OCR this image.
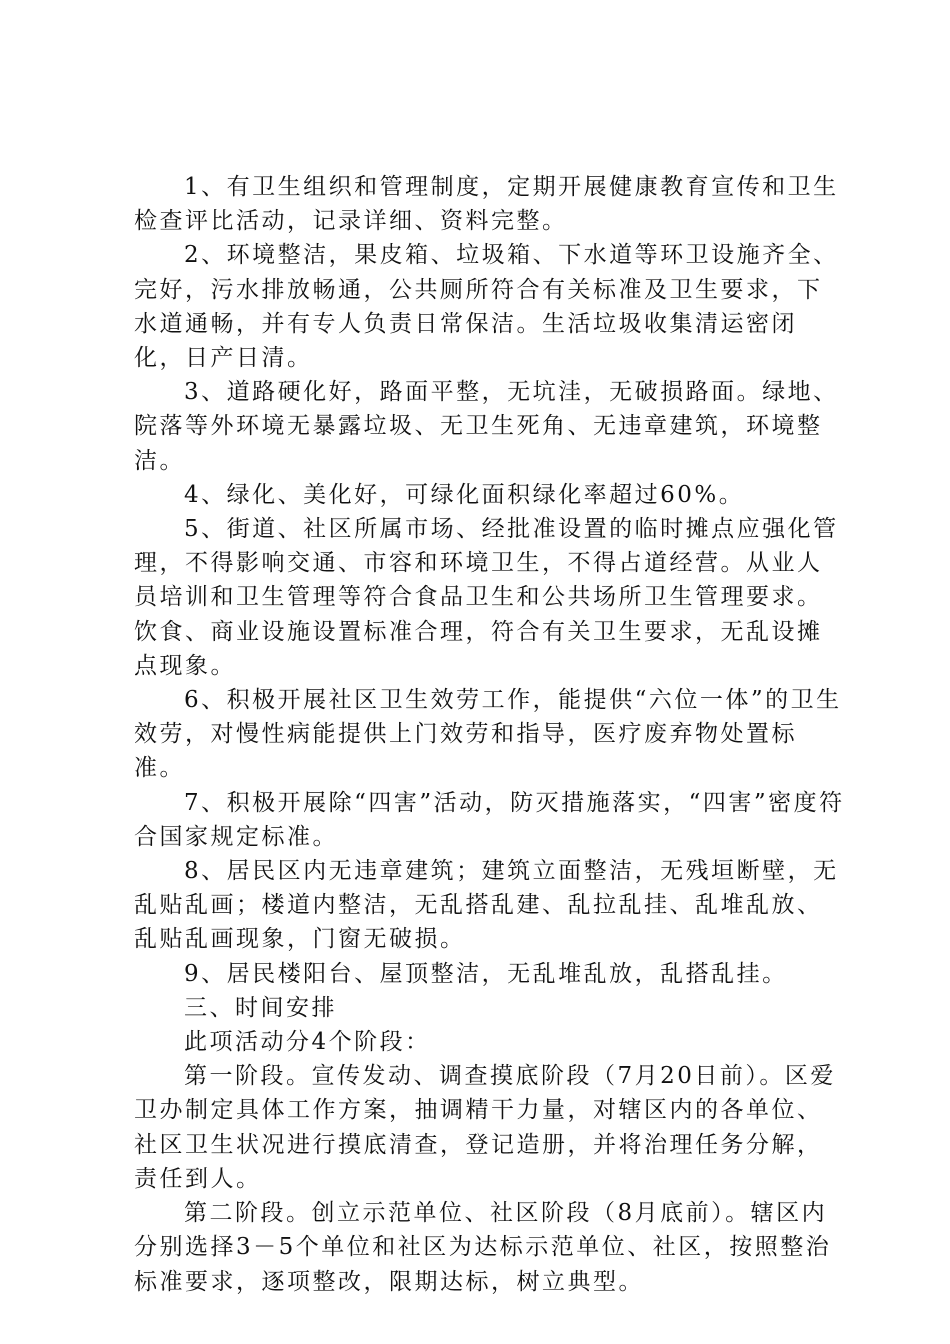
1、有卫生组织和管理制度，定期开展健康教育宣传和卫生检查评比活动，记录详细、资料完整。

2、环境整洁，果皮箱、垃圾箱、下水道等环卫设施齐全、完好，污水排放畅通，公共厕所符合有关标准及卫生要求，下水道通畅，并有专人负责日常保洁。生活垃圾收集清运密闭化，日产日清。

3、道路硬化好，路面平整，无坑洼，无破损路面。绿地、院落等外环境无暴露垃圾、无卫生死角、无违章建筑，环境整洁。

4、绿化、美化好，可绿化面积绿化率超过60%。

5、街道、社区所属市场、经批准设置的临时摊点应强化管理，不得影响交通、市容和环境卫生，不得占道经营。从业人员培训和卫生管理等符合食品卫生和公共场所卫生管理要求。饮食、商业设施设置标准合理，符合有关卫生要求，无乱设摊点现象。

6、积极开展社区卫生效劳工作，能提供“六位一体”的卫生效劳，对慢性病能提供上门效劳和指导，医疗废弃物处置标准。

7、积极开展除“四害”活动，防灭措施落实，“四害”密度符合国家规定标准。

8、居民区内无违章建筑；建筑立面整洁，无残垣断壁，无乱贴乱画；楼道内整洁，无乱搭乱建、乱拉乱挂、乱堆乱放、乱贴乱画现象，门窗无破损。

9、居民楼阳台、屋顶整洁，无乱堆乱放，乱搭乱挂。

三、时间安排

此项活动分4个阶段：

第一阶段。宣传发动、调查摸底阶段（7月20日前）。区爱卫办制定具体工作方案，抽调精干力量，对辖区内的各单位、社区卫生状况进行摸底清查，登记造册，并将治理任务分解，责任到人。

第二阶段。创立示范单位、社区阶段（8月底前）。辖区内分别选择3－5个单位和社区为达标示范单位、社区，按照整治标准要求，逐项整改，限期达标，树立典型。
